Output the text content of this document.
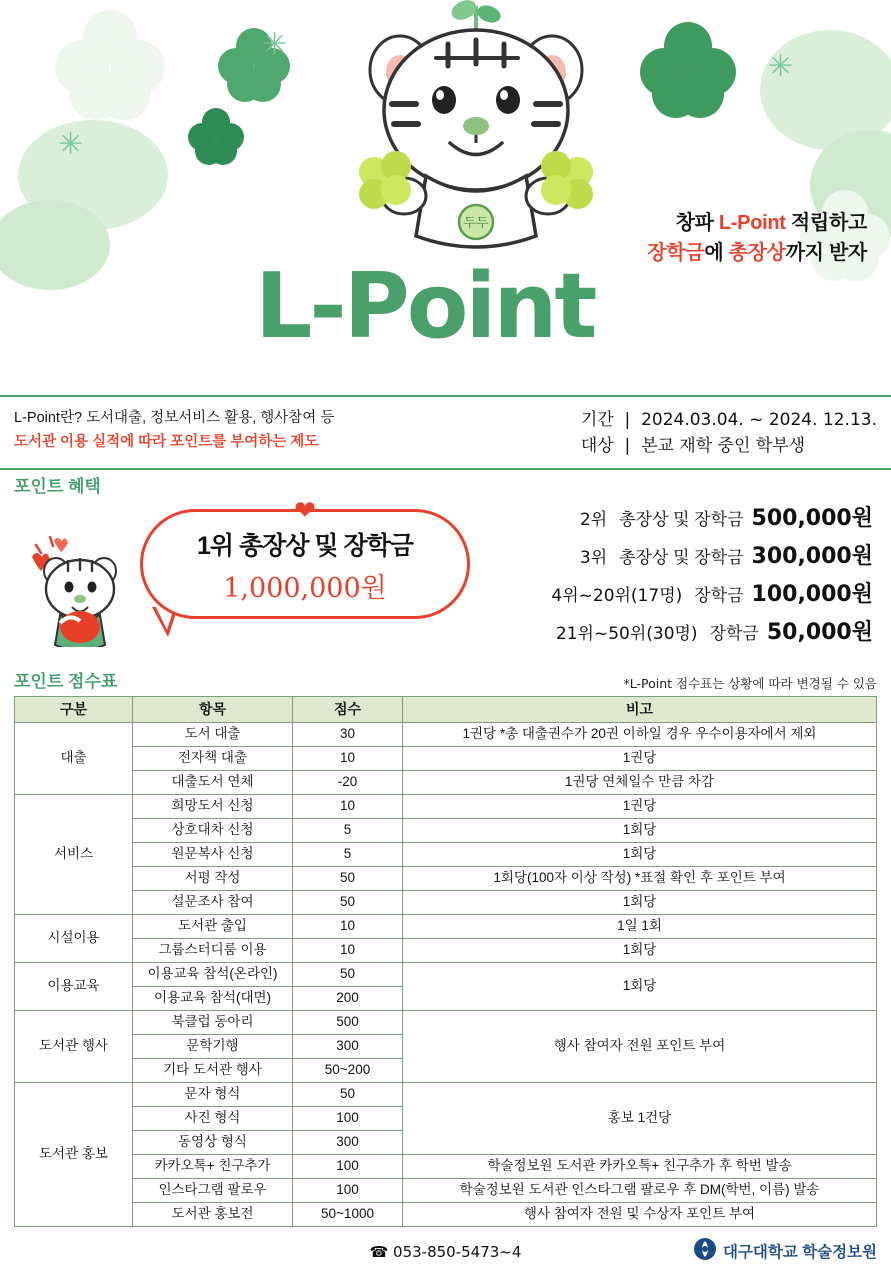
✳
✳
✳
두두	창파 L-Point 적립하고
장학금에 총장상까지 받자
L-Point
L-Point란? 도서대출, 정보서비스 활용, 행사참여 등
도서관 이용 실적에 따라 포인트를 부여하는 제도
기간  |  2024.03.04. ~ 2024. 12.13.
대상  |  본교 재학 중인 학부생
포인트 혜택
❤
1위 총장상 및 장학금
1,000,000원
2위 총장상 및 장학금 500,000원
3위 총장상 및 장학금 300,000원
4위~20위(17명) 장학금 100,000원
21위~50위(30명) 장학금 50,000원
포인트 점수표	*L-Point 점수표는 상황에 따라 변경될 수 있음
구분	항목	점수	비고
대출	도서 대출	30	1권당 *총 대출권수가 20권 이하일 경우 우수이용자에서 제외
	전자책 대출	10	1권당
	대출도서 연체	-20	1권당 연체일수 만큼 차감
서비스	희망도서 신청	10	1권당
	상호대차 신청	5	1회당
	원문복사 신청	5	1회당
	서평 작성	50	1회당(100자 이상 작성) *표절 확인 후 포인트 부여
	설문조사 참여	50	1회당
시설이용	도서관 출입	10	1일 1회
	그룹스터디룸 이용	10	1회당
이용교육	이용교육 참석(온라인)	50	1회당
	이용교육 참석(대면)	200	
도서관 행사	북클럽 동아리	500	행사 참여자 전원 포인트 부여
	문학기행	300	
	기타 도서관 행사	50~200	
도서관 홍보	문자 형식	50	홍보 1건당
	사진 형식	100	
	동영상 형식	300	
	카카오톡+ 친구추가	100	학술정보원 도서관 카카오톡+ 친구추가 후 학번 발송
	인스타그램 팔로우	100	학술정보원 도서관 인스타그램 팔로우 후 DM(학번, 이름) 발송
	도서관 홍보전	50~1000	행사 참여자 전원 및 수상자 포인트 부여
☎ 053-850-5473~4	대구대학교 학술정보원
